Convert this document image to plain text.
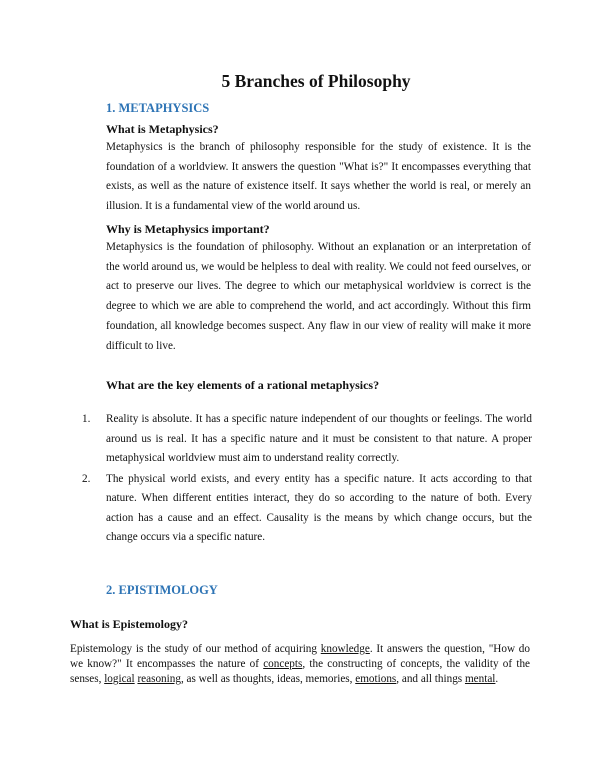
5 Branches of Philosophy
1. METAPHYSICS
What is Metaphysics?

Metaphysics is the branch of philosophy responsible for the study of existence. It is the foundation of a worldview. It answers the question "What is?" It encompasses everything that exists, as well as the nature of existence itself. It says whether the world is real, or merely an illusion. It is a fundamental view of the world around us.

Why is Metaphysics important?

Metaphysics is the foundation of philosophy. Without an explanation or an interpretation of the world around us, we would be helpless to deal with reality. We could not feed ourselves, or act to preserve our lives. The degree to which our metaphysical worldview is correct is the degree to which we are able to comprehend the world, and act accordingly. Without this firm foundation, all knowledge becomes suspect. Any flaw in our view of reality will make it more difficult to live.

What are the key elements of a rational metaphysics?
1. Reality is absolute. It has a specific nature independent of our thoughts or feelings. The world around us is real. It has a specific nature and it must be consistent to that nature. A proper metaphysical worldview must aim to understand reality correctly.
2. The physical world exists, and every entity has a specific nature. It acts according to that nature. When different entities interact, they do so according to the nature of both. Every action has a cause and an effect. Causality is the means by which change occurs, but the change occurs via a specific nature.
2. EPISTIMOLOGY
What is Epistemology?

Epistemology is the study of our method of acquiring knowledge. It answers the question, "How do we know?" It encompasses the nature of concepts, the constructing of concepts, the validity of the senses, logical reasoning, as well as thoughts, ideas, memories, emotions, and all things mental.
